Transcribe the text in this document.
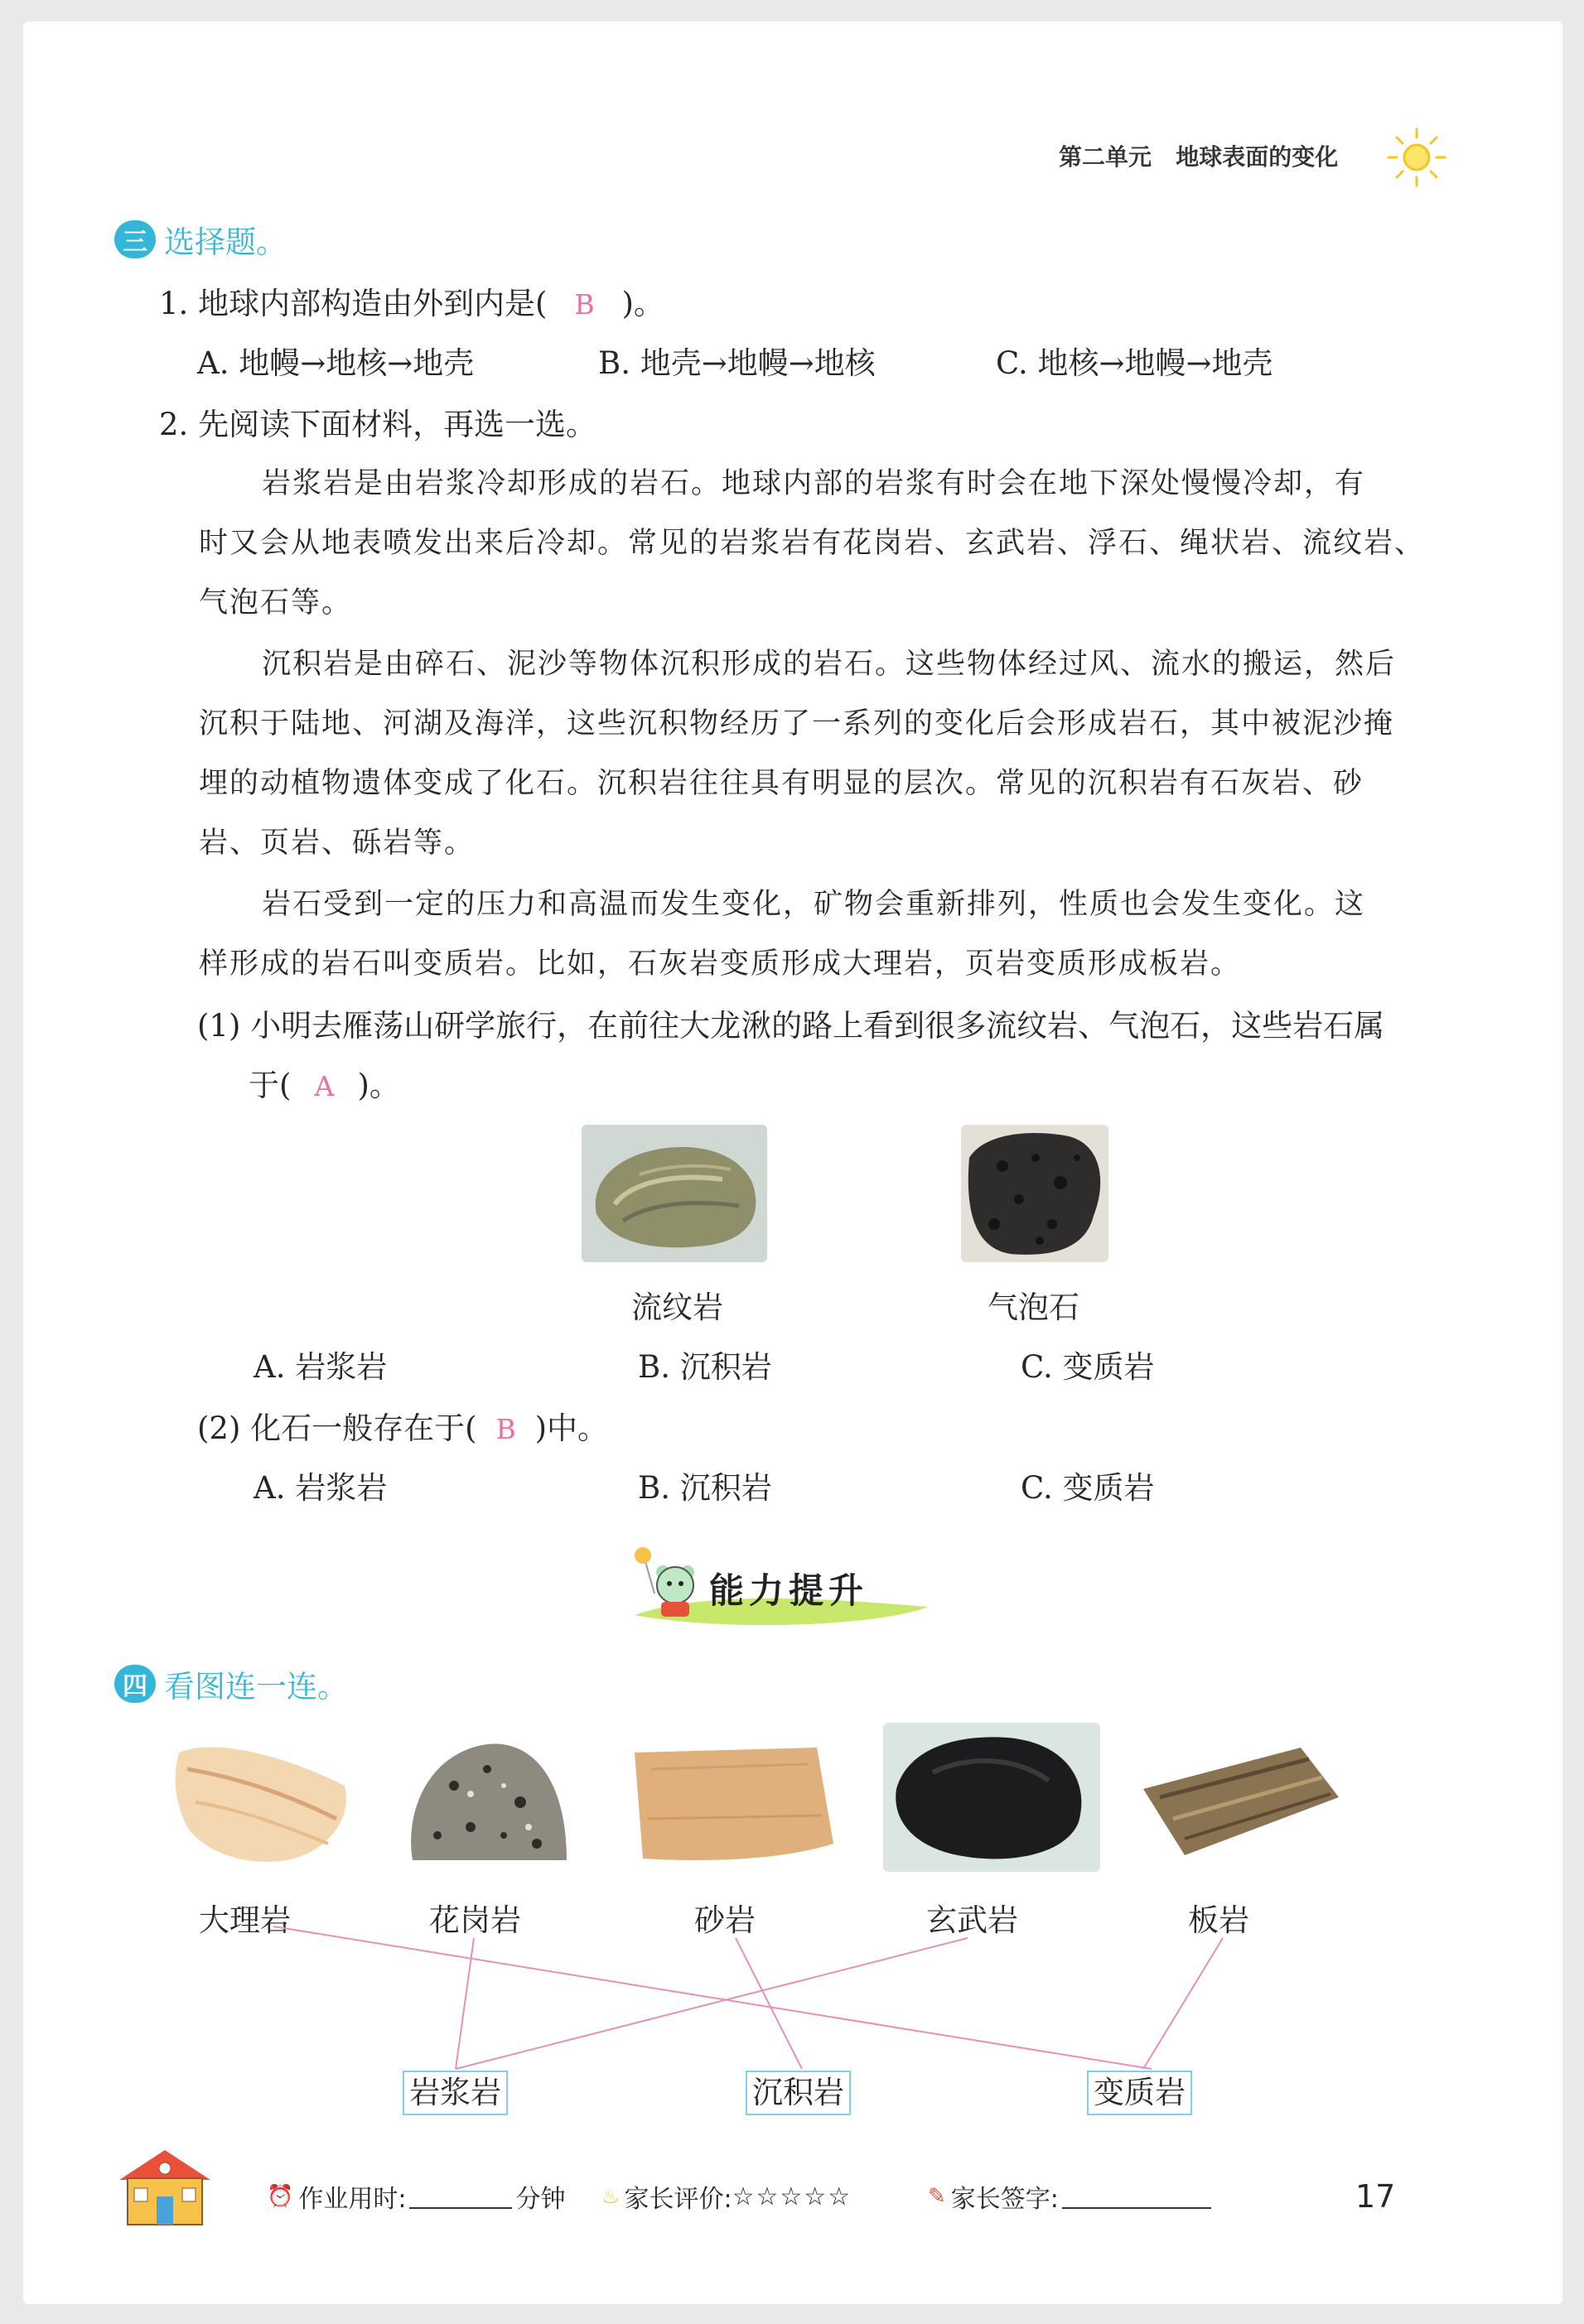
第二单元 地球表面的变化
三 选择题。
1. 地球内部构造由外到内是( B )。
A. 地幔→地核→地壳	B. 地壳→地幔→地核	C. 地核→地幔→地壳
2. 先阅读下面材料，再选一选。
岩浆岩是由岩浆冷却形成的岩石。地球内部的岩浆有时会在地下深处慢慢冷却，有
时又会从地表喷发出来后冷却。常见的岩浆岩有花岗岩、玄武岩、浮石、绳状岩、流纹岩、
气泡石等。
沉积岩是由碎石、泥沙等物体沉积形成的岩石。这些物体经过风、流水的搬运，然后
沉积于陆地、河湖及海洋，这些沉积物经历了一系列的变化后会形成岩石，其中被泥沙掩
埋的动植物遗体变成了化石。沉积岩往往具有明显的层次。常见的沉积岩有石灰岩、砂
岩、页岩、砾岩等。
岩石受到一定的压力和高温而发生变化，矿物会重新排列，性质也会发生变化。这
样形成的岩石叫变质岩。比如，石灰岩变质形成大理岩，页岩变质形成板岩。
(1) 小明去雁荡山研学旅行，在前往大龙湫的路上看到很多流纹岩、气泡石，这些岩石属
于( A )。
流纹岩	气泡石
A. 岩浆岩	B. 沉积岩	C. 变质岩
(2) 化石一般存在于( B )中。
A. 岩浆岩	B. 沉积岩	C. 变质岩
能力提升
四 看图连一连。
大理岩	花岗岩	砂岩	玄武岩	板岩
岩浆岩	沉积岩	变质岩
⏰ 作业用时:	分钟 ♨ 家长评价: ☆☆☆☆☆	✎ 家长签字:	17
